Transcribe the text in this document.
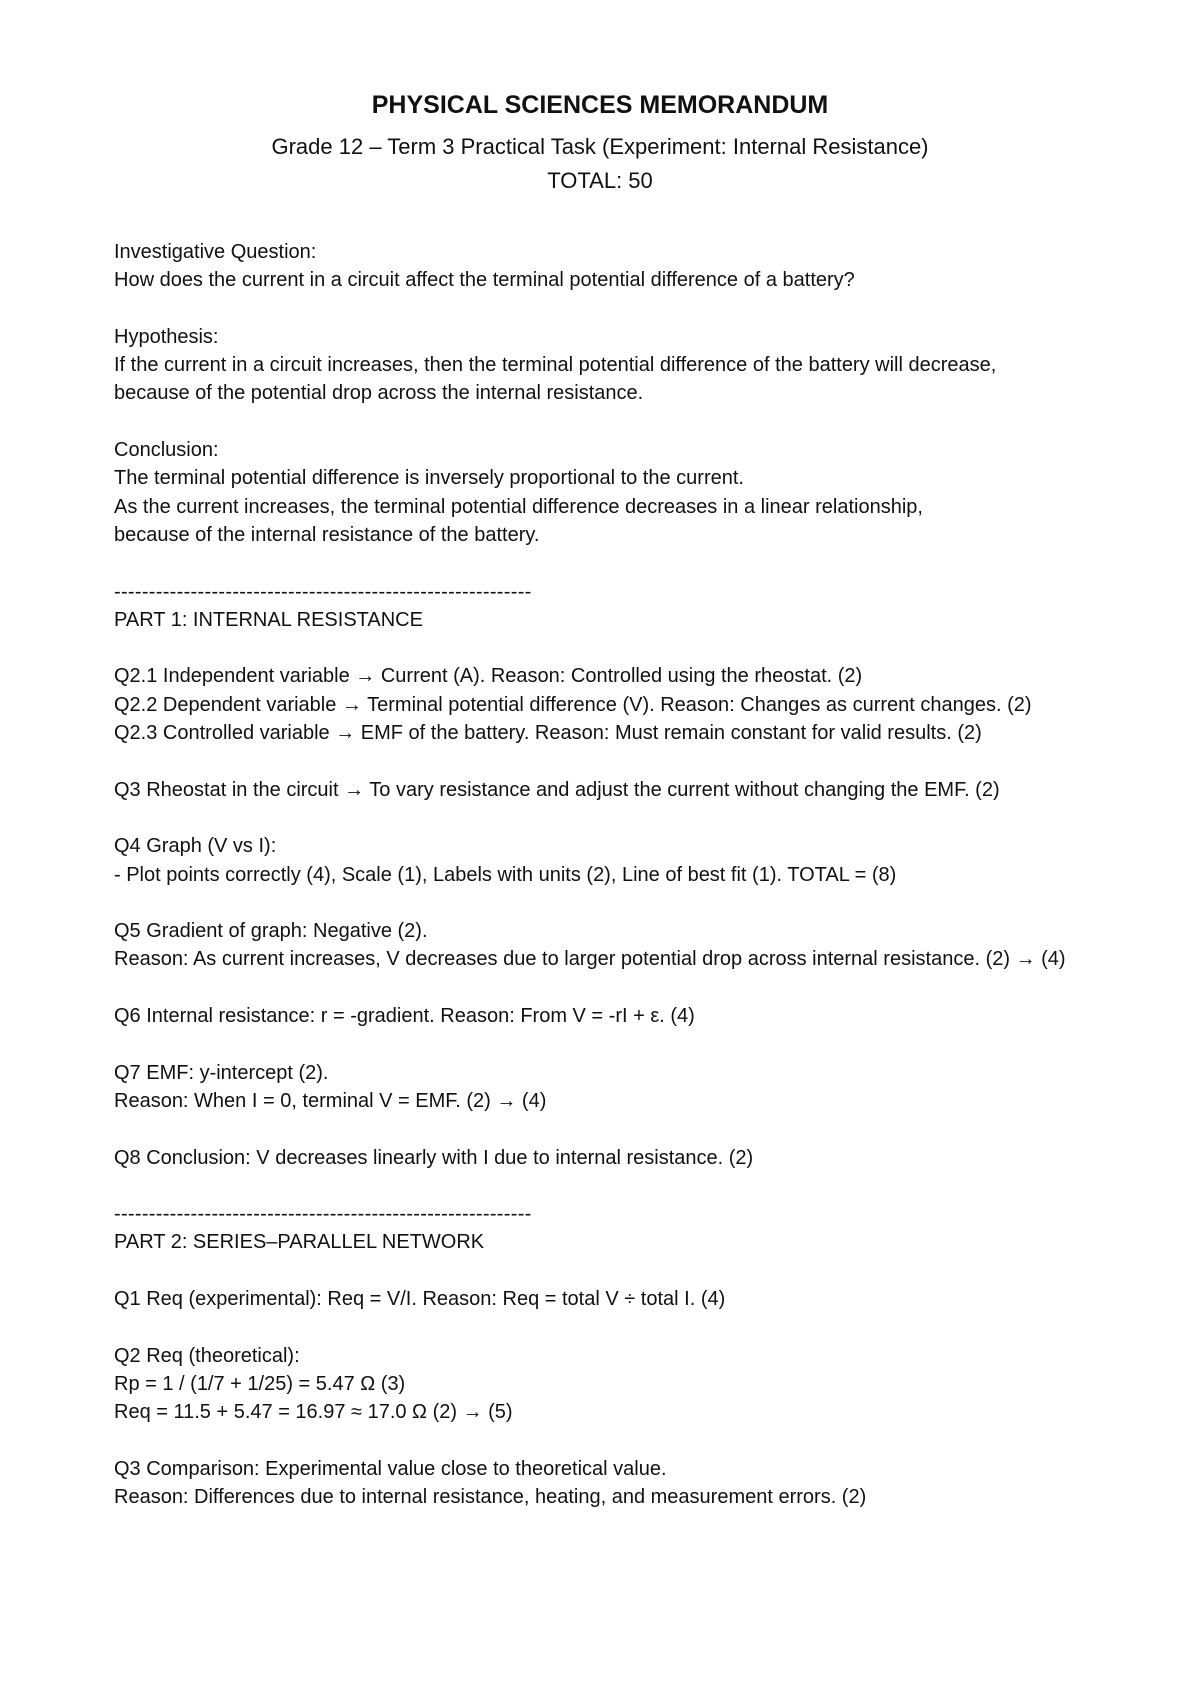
PHYSICAL SCIENCES MEMORANDUM
Grade 12 – Term 3 Practical Task (Experiment: Internal Resistance)
TOTAL: 50
Investigative Question:
How does the current in a circuit affect the terminal potential difference of a battery?
Hypothesis:
If the current in a circuit increases, then the terminal potential difference of the battery will decrease,
because of the potential drop across the internal resistance.
Conclusion:
The terminal potential difference is inversely proportional to the current.
As the current increases, the terminal potential difference decreases in a linear relationship,
because of the internal resistance of the battery.
------------------------------------------------------------
PART 1: INTERNAL RESISTANCE
Q2.1 Independent variable → Current (A). Reason: Controlled using the rheostat. (2)
Q2.2 Dependent variable → Terminal potential difference (V). Reason: Changes as current changes. (2)
Q2.3 Controlled variable → EMF of the battery. Reason: Must remain constant for valid results. (2)
Q3 Rheostat in the circuit → To vary resistance and adjust the current without changing the EMF. (2)
Q4 Graph (V vs I):
- Plot points correctly (4), Scale (1), Labels with units (2), Line of best fit (1). TOTAL = (8)
Q5 Gradient of graph: Negative (2).
Reason: As current increases, V decreases due to larger potential drop across internal resistance. (2) → (4)
Q6 Internal resistance: r = -gradient. Reason: From V = -rI + ε. (4)
Q7 EMF: y-intercept (2).
Reason: When I = 0, terminal V = EMF. (2) → (4)
Q8 Conclusion: V decreases linearly with I due to internal resistance. (2)
------------------------------------------------------------
PART 2: SERIES–PARALLEL NETWORK
Q1 Req (experimental): Req = V/I. Reason: Req = total V ÷ total I. (4)
Q2 Req (theoretical):
Rp = 1 / (1/7 + 1/25) = 5.47 Ω (3)
Req = 11.5 + 5.47 = 16.97 ≈ 17.0 Ω (2) → (5)
Q3 Comparison: Experimental value close to theoretical value.
Reason: Differences due to internal resistance, heating, and measurement errors. (2)
